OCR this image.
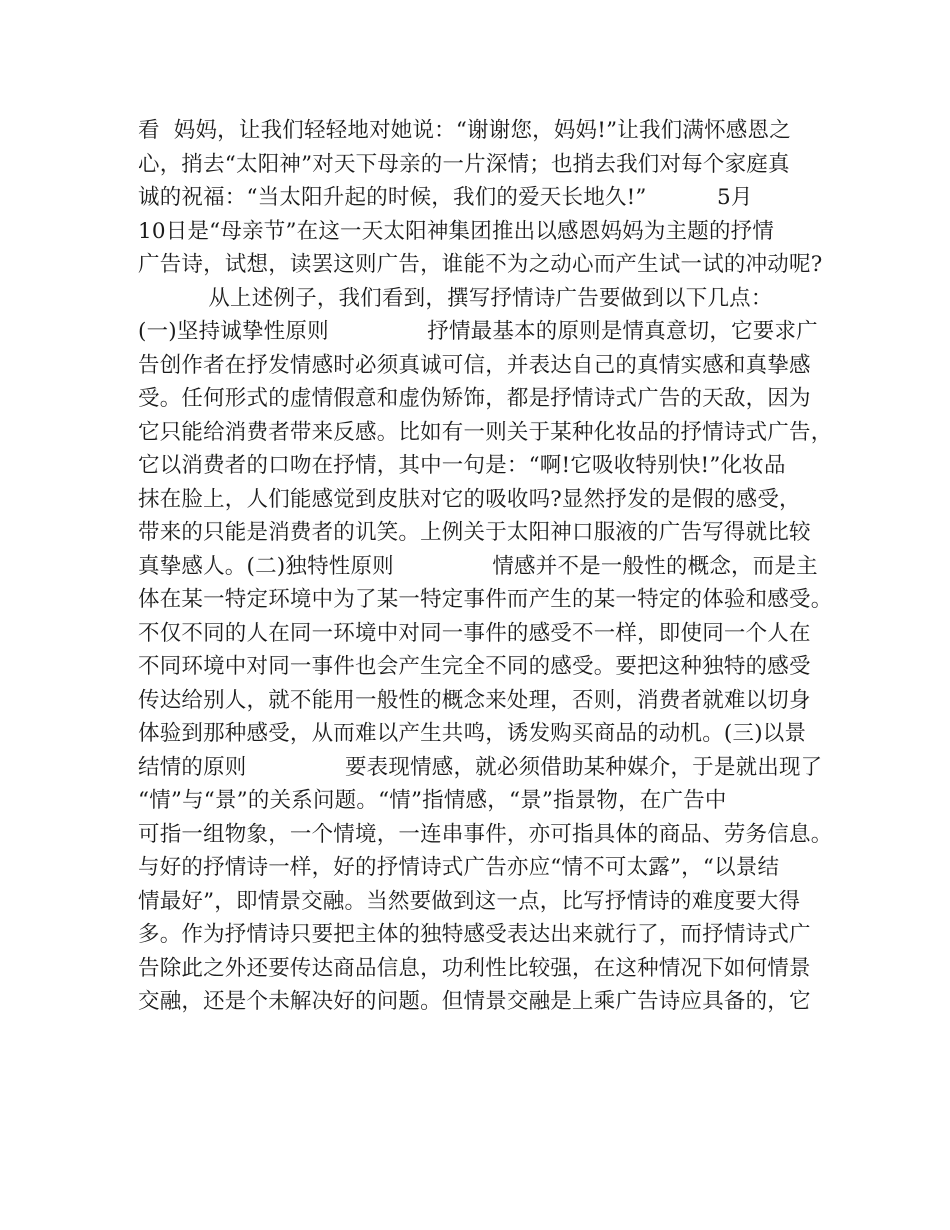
看  妈妈，让我们轻轻地对她说：“谢谢您，妈妈!”让我们满怀感恩之
心，捎去“太阳神”对天下母亲的一片深情；也捎去我们对每个家庭真
诚的祝福：“当太阳升起的时候，我们的爱天长地久!”          5月
10日是“母亲节”在这一天太阳神集团推出以感恩妈妈为主题的抒情
广告诗，试想，读罢这则广告，谁能不为之动心而产生试一试的冲动呢?
从上述例子，我们看到，撰写抒情诗广告要做到以下几点：
(一)坚持诚挚性原则              抒情最基本的原则是情真意切，它要求广
告创作者在抒发情感时必须真诚可信，并表达自己的真情实感和真挚感
受。任何形式的虚情假意和虚伪矫饰，都是抒情诗式广告的天敌，因为
它只能给消费者带来反感。比如有一则关于某种化妆品的抒情诗式广告，
它以消费者的口吻在抒情，其中一句是：“啊!它吸收特别快!”化妆品
抹在脸上，人们能感觉到皮肤对它的吸收吗?显然抒发的是假的感受，
带来的只能是消费者的讥笑。上例关于太阳神口服液的广告写得就比较
真挚感人。(二)独特性原则              情感并不是一般性的概念，而是主
体在某一特定环境中为了某一特定事件而产生的某一特定的体验和感受。
不仅不同的人在同一环境中对同一事件的感受不一样，即使同一个人在
不同环境中对同一事件也会产生完全不同的感受。要把这种独特的感受
传达给别人，就不能用一般性的概念来处理，否则，消费者就难以切身
体验到那种感受，从而难以产生共鸣，诱发购买商品的动机。(三)以景
结情的原则              要表现情感，就必须借助某种媒介，于是就出现了
“情”与“景”的关系问题。“情”指情感，“景”指景物，在广告中
可指一组物象，一个情境，一连串事件，亦可指具体的商品、劳务信息。
与好的抒情诗一样，好的抒情诗式广告亦应“情不可太露”，“以景结
情最好”，即情景交融。当然要做到这一点，比写抒情诗的难度要大得
多。作为抒情诗只要把主体的独特感受表达出来就行了，而抒情诗式广
告除此之外还要传达商品信息，功利性比较强，在这种情况下如何情景
交融，还是个未解决好的问题。但情景交融是上乘广告诗应具备的，它
